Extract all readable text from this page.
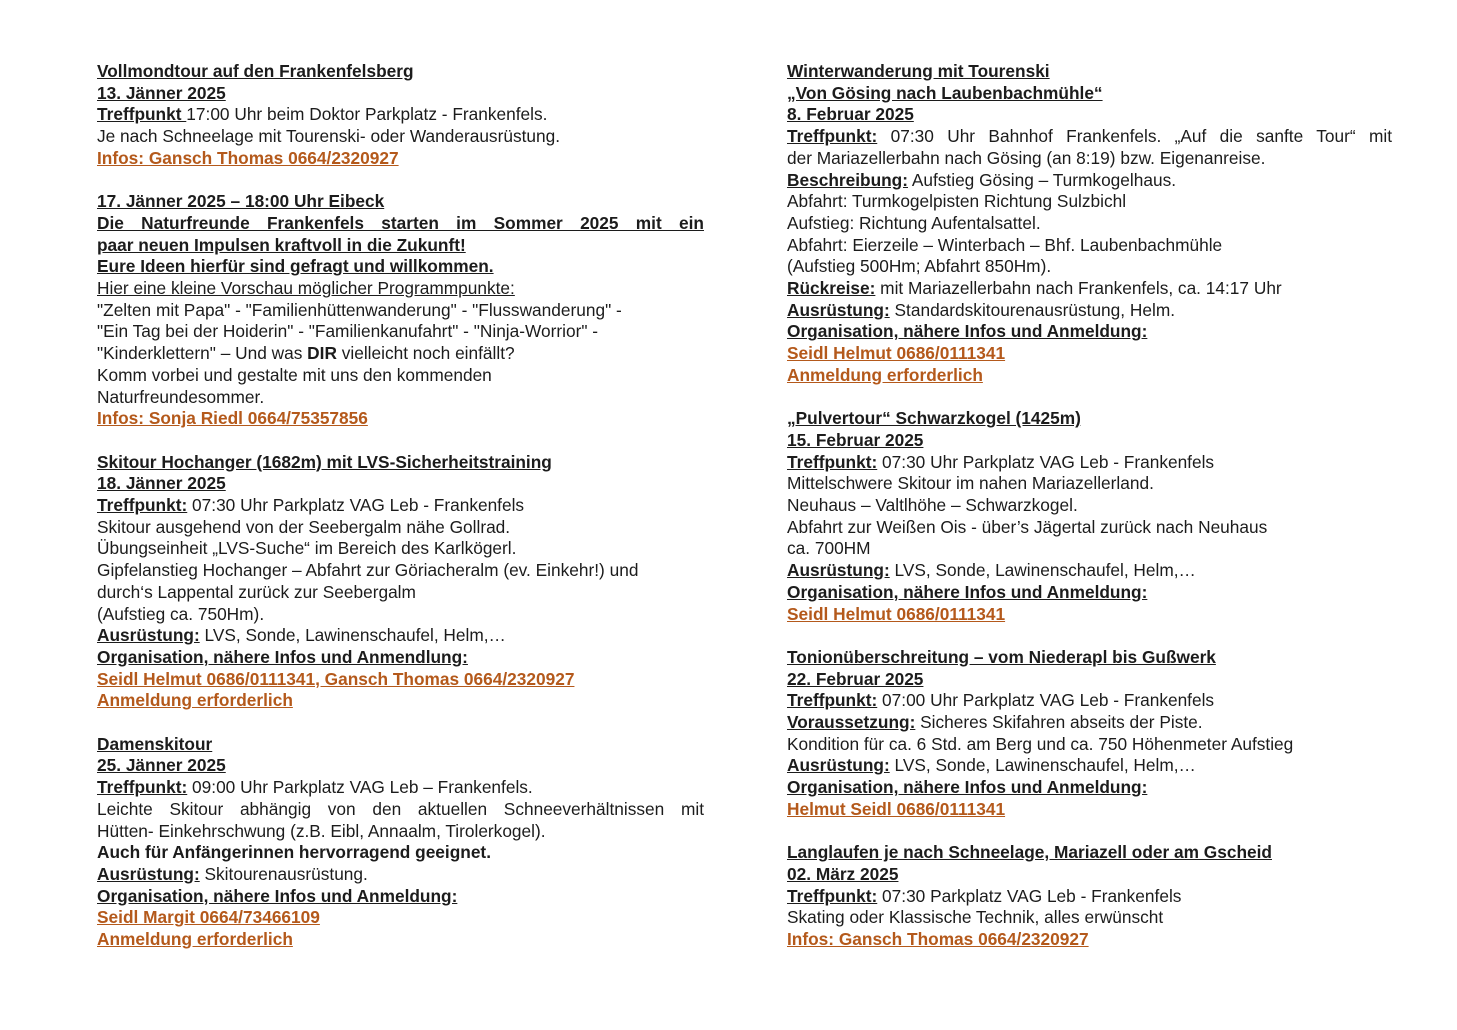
Vollmondtour auf den Frankenfelsberg
13. Jänner 2025
Treffpunkt 17:00 Uhr beim Doktor Parkplatz - Frankenfels.
Je nach Schneelage mit Tourenski- oder Wanderausrüstung.
Infos: Gansch Thomas 0664/2320927
17. Jänner 2025 – 18:00 Uhr Eibeck
Die Naturfreunde Frankenfels starten im Sommer 2025 mit ein
paar neuen Impulsen kraftvoll in die Zukunft!
Eure Ideen hierfür sind gefragt und willkommen.
Hier eine kleine Vorschau möglicher Programmpunkte:
"Zelten mit Papa" - "Familienhüttenwanderung" - "Flusswanderung" -
"Ein Tag bei der Hoiderin" - "Familienkanufahrt" - "Ninja-Worrior" -
"Kinderklettern" – Und was DIR vielleicht noch einfällt?
Komm vorbei und gestalte mit uns den kommenden
Naturfreundesommer.
Infos: Sonja Riedl 0664/75357856
Skitour Hochanger (1682m) mit LVS-Sicherheitstraining
18. Jänner 2025
Treffpunkt: 07:30 Uhr Parkplatz VAG Leb - Frankenfels
Skitour ausgehend von der Seebergalm nähe Gollrad.
Übungseinheit „LVS-Suche“ im Bereich des Karlkögerl.
Gipfelanstieg Hochanger – Abfahrt zur Göriacheralm (ev. Einkehr!) und
durch‘s Lappental zurück zur Seebergalm
(Aufstieg ca. 750Hm).
Ausrüstung: LVS, Sonde, Lawinenschaufel, Helm,…
Organisation, nähere Infos und Anmendlung:
Seidl Helmut 0686/0111341, Gansch Thomas 0664/2320927
Anmeldung erforderlich
Damenskitour
25. Jänner 2025
Treffpunkt: 09:00 Uhr Parkplatz VAG Leb – Frankenfels.
Leichte Skitour abhängig von den aktuellen Schneeverhältnissen mit
Hütten- Einkehrschwung (z.B. Eibl, Annaalm, Tirolerkogel).
Auch für Anfängerinnen hervorragend geeignet.
Ausrüstung: Skitourenausrüstung.
Organisation, nähere Infos und Anmeldung:
Seidl Margit 0664/73466109
Anmeldung erforderlich
Winterwanderung mit Tourenski
„Von Gösing nach Laubenbachmühle“
8. Februar 2025
Treffpunkt: 07:30 Uhr Bahnhof Frankenfels. „Auf die sanfte Tour“ mit
der Mariazellerbahn nach Gösing (an 8:19) bzw. Eigenanreise.
Beschreibung: Aufstieg Gösing – Turmkogelhaus.
Abfahrt: Turmkogelpisten Richtung Sulzbichl
Aufstieg: Richtung Aufentalsattel.
Abfahrt: Eierzeile – Winterbach – Bhf. Laubenbachmühle
(Aufstieg 500Hm; Abfahrt 850Hm).
Rückreise: mit Mariazellerbahn nach Frankenfels, ca. 14:17 Uhr
Ausrüstung: Standardskitourenausrüstung, Helm.
Organisation, nähere Infos und Anmeldung:
Seidl Helmut 0686/0111341
Anmeldung erforderlich
„Pulvertour“ Schwarzkogel (1425m)
15. Februar 2025
Treffpunkt: 07:30 Uhr Parkplatz VAG Leb - Frankenfels
Mittelschwere Skitour im nahen Mariazellerland.
Neuhaus – Valtlhöhe – Schwarzkogel.
Abfahrt zur Weißen Ois - über’s Jägertal zurück nach Neuhaus
ca. 700HM
Ausrüstung: LVS, Sonde, Lawinenschaufel, Helm,…
Organisation, nähere Infos und Anmeldung:
Seidl Helmut 0686/0111341
Tonionüberschreitung – vom Niederapl bis Gußwerk
22. Februar 2025
Treffpunkt: 07:00 Uhr Parkplatz VAG Leb - Frankenfels
Voraussetzung: Sicheres Skifahren abseits der Piste.
Kondition für ca. 6 Std. am Berg und ca. 750 Höhenmeter Aufstieg
Ausrüstung: LVS, Sonde, Lawinenschaufel, Helm,…
Organisation, nähere Infos und Anmeldung:
Helmut Seidl 0686/0111341
Langlaufen je nach Schneelage, Mariazell oder am Gscheid
02. März 2025
Treffpunkt: 07:30 Parkplatz VAG Leb - Frankenfels
Skating oder Klassische Technik, alles erwünscht
Infos: Gansch Thomas 0664/2320927
